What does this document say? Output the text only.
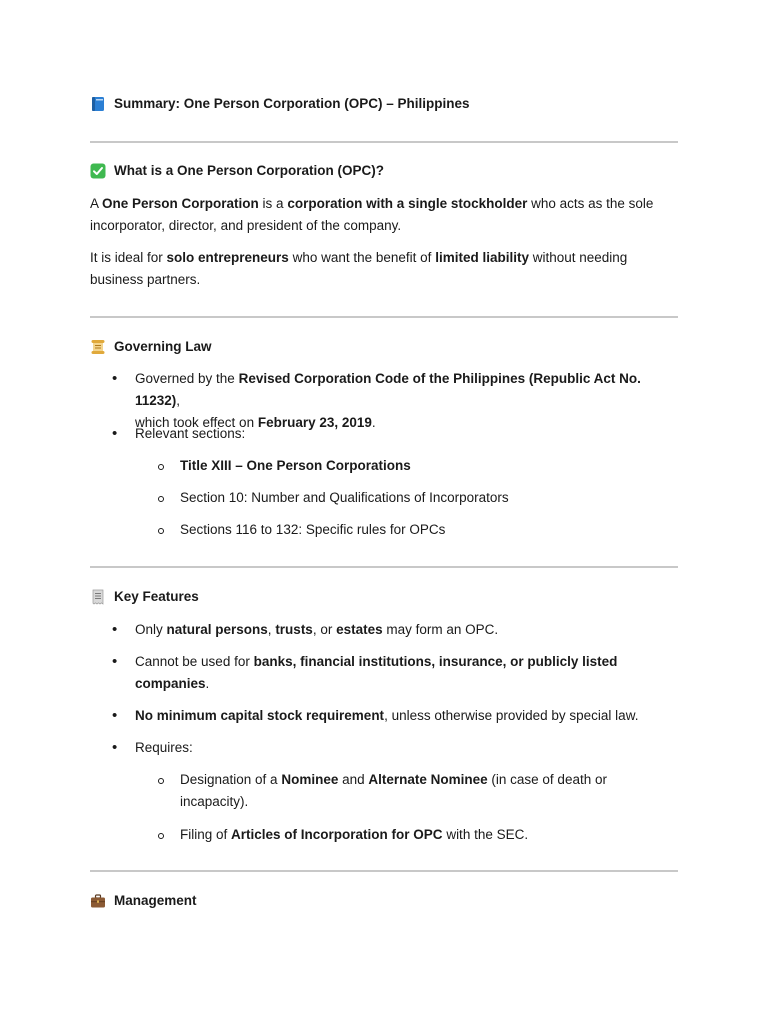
Summary: One Person Corporation (OPC) – Philippines
What is a One Person Corporation (OPC)?

A One Person Corporation is a corporation with a single stockholder who acts as the sole
incorporator, director, and president of the company.

It is ideal for solo entrepreneurs who want the benefit of limited liability without needing
business partners.

Governing Law
• Governed by the Revised Corporation Code of the Philippines (Republic Act No. 11232),
which took effect on February 23, 2019.
• Relevant sections:
Title XIII – One Person Corporations
Section 10: Number and Qualifications of Incorporators
Sections 116 to 132: Specific rules for OPCs
Key Features
• Only natural persons, trusts, or estates may form an OPC.
• Cannot be used for banks, financial institutions, insurance, or publicly listed
companies.
• No minimum capital stock requirement, unless otherwise provided by special law.
• Requires:
Designation of a Nominee and Alternate Nominee (in case of death or
incapacity).
Filing of Articles of Incorporation for OPC with the SEC.
Management
